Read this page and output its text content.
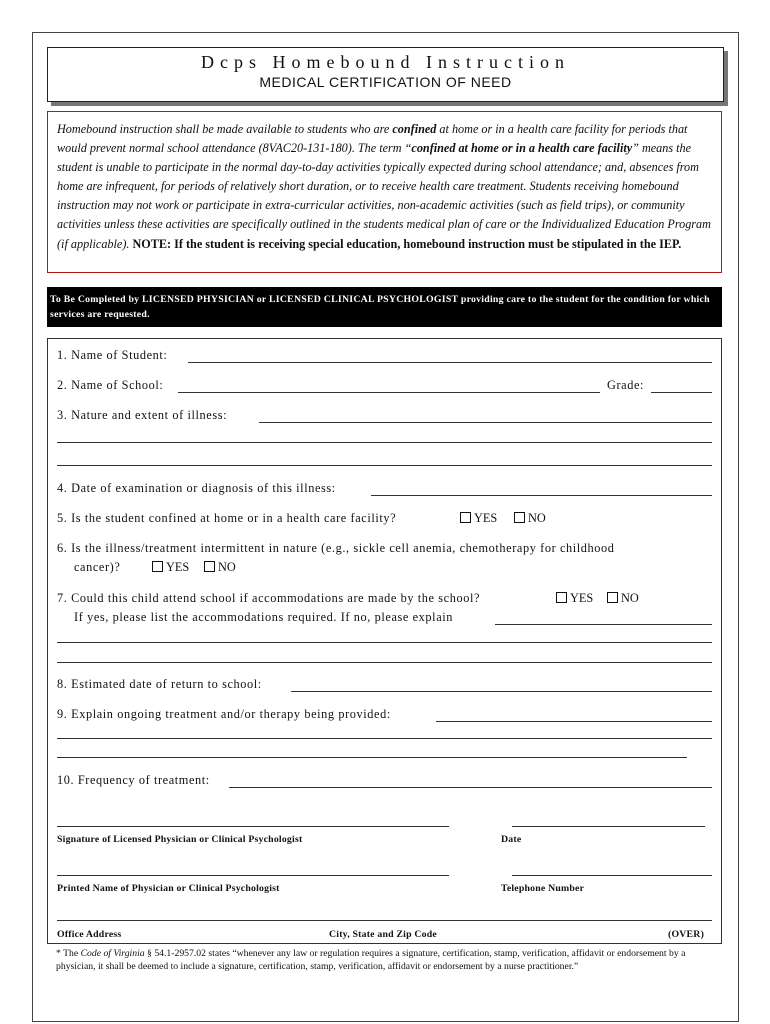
Dcps Homebound Instruction
MEDICAL CERTIFICATION OF NEED
Homebound instruction shall be made available to students who are confined at home or in a health care facility for periods that would prevent normal school attendance (8VAC20-131-180). The term “confined at home or in a health care facility” means the student is unable to participate in the normal day-to-day activities typically expected during school attendance; and, absences from home are infrequent, for periods of relatively short duration, or to receive health care treatment. Students receiving homebound instruction may not work or participate in extra-curricular activities, non-academic activities (such as field trips), or community activities unless these activities are specifically outlined in the students medical plan of care or the Individualized Education Program (if applicable). NOTE: If the student is receiving special education, homebound instruction must be stipulated in the IEP.
To Be Completed by LICENSED PHYSICIAN or LICENSED CLINICAL PSYCHOLOGIST providing care to the student for the condition for which services are requested.
1. Name of Student:
2. Name of School:	Grade:
3. Nature and extent of illness:
4. Date of examination or diagnosis of this illness:
5. Is the student confined at home or in a health care facility?	YES	NO
6. Is the illness/treatment intermittent in nature (e.g., sickle cell anemia, chemotherapy for childhood
cancer)?	YES	NO
7. Could this child attend school if accommodations are made by the school?	YES	NO
If yes, please list the accommodations required. If no, please explain
8. Estimated date of return to school:
9. Explain ongoing treatment and/or therapy being provided:
10. Frequency of treatment:
Signature of Licensed Physician or Clinical Psychologist	Date
Printed Name of Physician or Clinical Psychologist	Telephone Number
Office Address	City, State and Zip Code	(OVER)
* The Code of Virginia § 54.1-2957.02 states “whenever any law or regulation requires a signature, certification, stamp, verification, affidavit or endorsement by a physician, it shall be deemed to include a signature, certification, stamp, verification, affidavit or endorsement by a nurse practitioner.”
